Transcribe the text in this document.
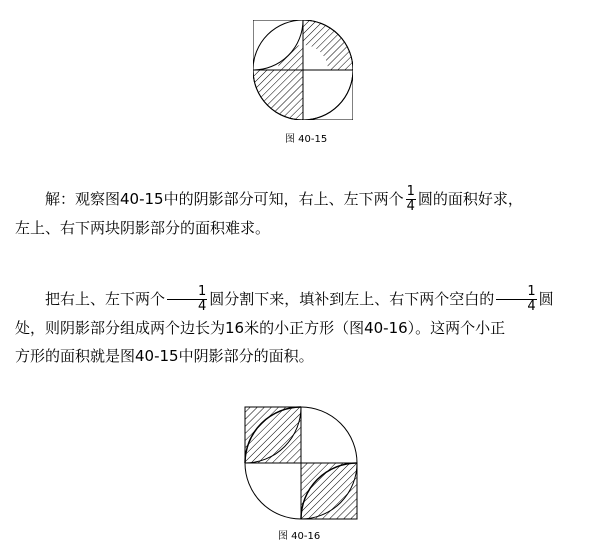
图 40-15
解：观察图40-15中的阴影部分可知，右上、左下两个 $\frac{1}{4}$ 圆的面积好求，
左上、右下两块阴影部分的面积难求。
把右上、左下两个 $\frac{1}{4}$ 圆分割下来，填补到左上、右下两个空白的 $\frac{1}{4}$ 圆
处，则阴影部分组成两个边长为16米的小正方形（图40-16）。这两个小正
方形的面积就是图40-15中阴影部分的面积。
图 40-16
